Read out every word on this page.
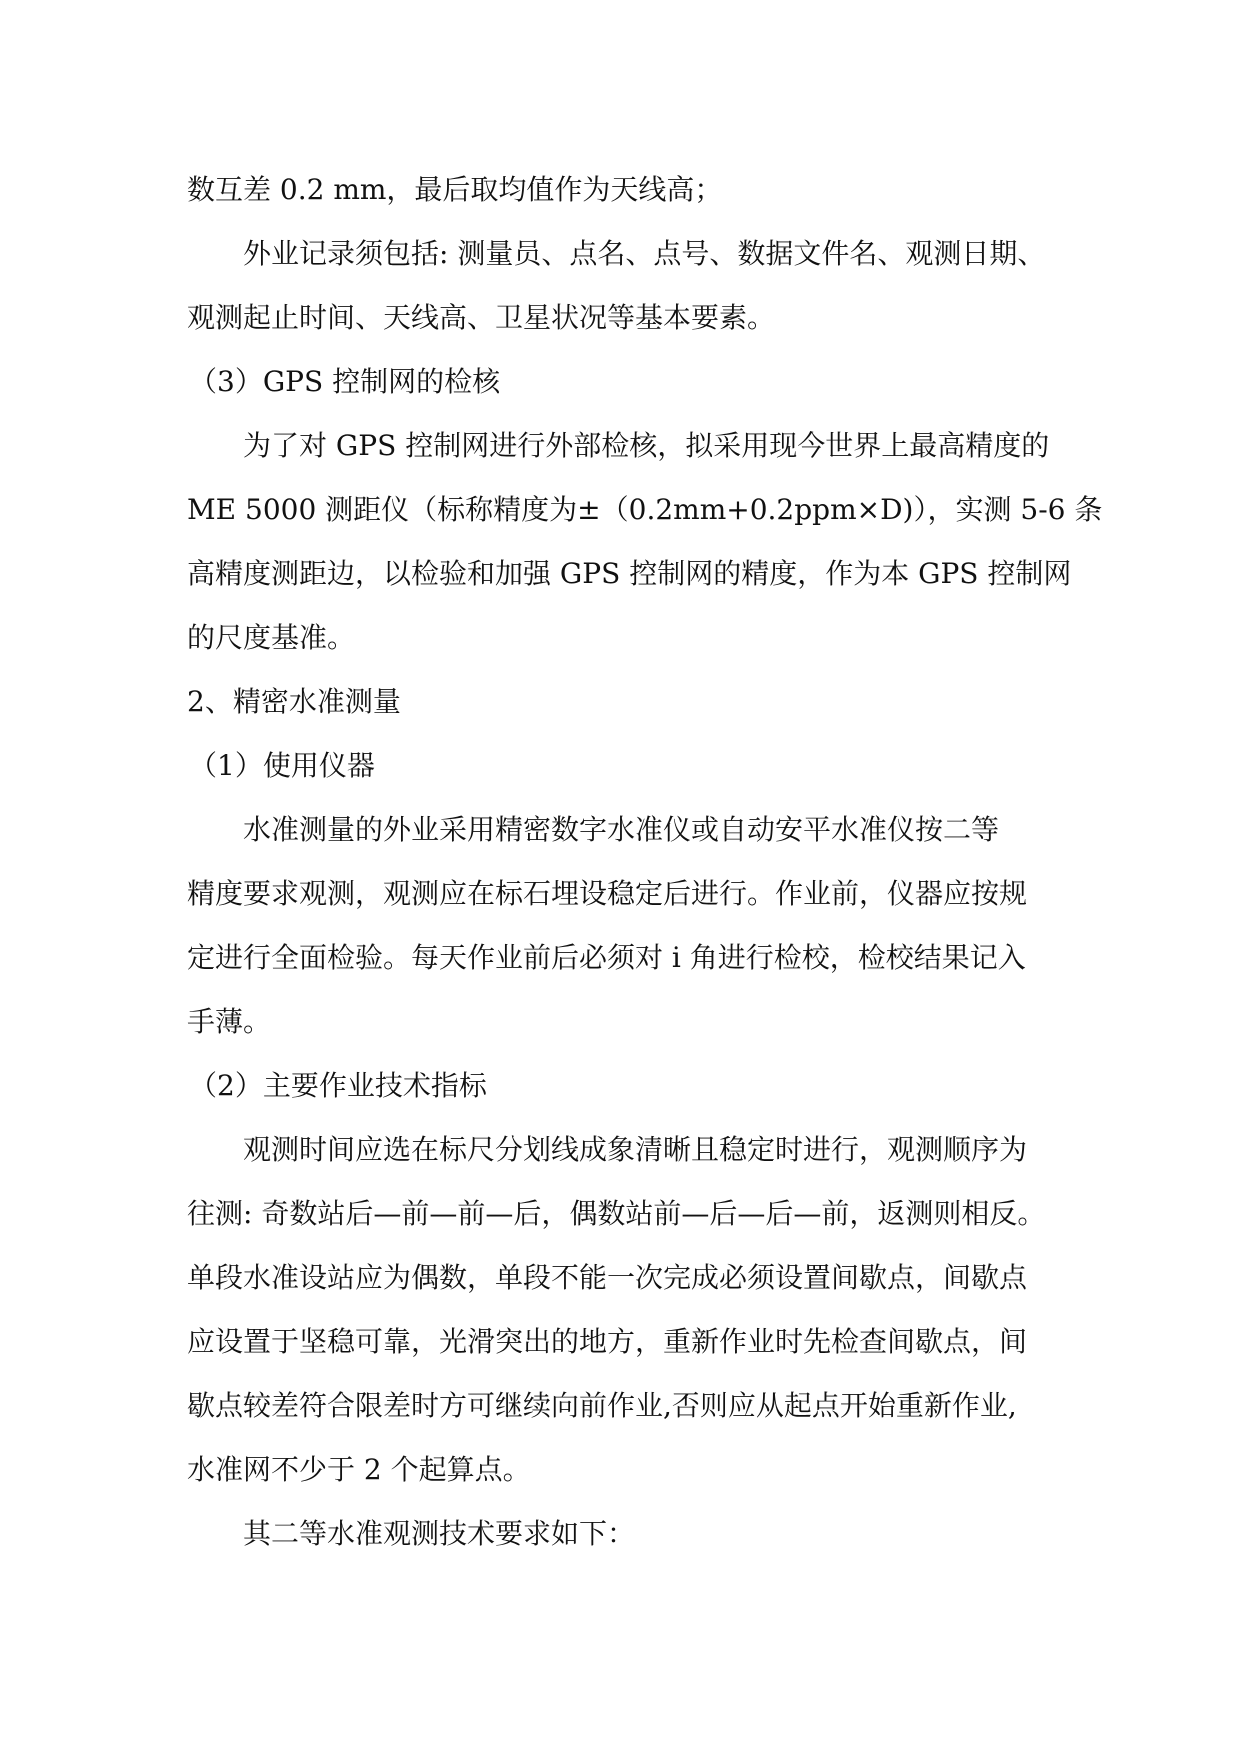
数互差 0.2 mm，最后取均值作为天线高；

外业记录须包括: 测量员、点名、点号、数据文件名、观测日期、

观测起止时间、天线高、卫星状况等基本要素。

（3）GPS 控制网的检核

为了对 GPS 控制网进行外部检核，拟采用现今世界上最高精度的

ME 5000 测距仪（标称精度为±（0.2mm+0.2ppm×D)），实测 5-6 条

高精度测距边，以检验和加强 GPS 控制网的精度，作为本 GPS 控制网

的尺度基准。

2、精密水准测量

（1）使用仪器

水准测量的外业采用精密数字水准仪或自动安平水准仪按二等

精度要求观测，观测应在标石埋设稳定后进行。作业前，仪器应按规

定进行全面检验。每天作业前后必须对 i 角进行检校，检校结果记入

手薄。

（2）主要作业技术指标

观测时间应选在标尺分划线成象清晰且稳定时进行，观测顺序为

往测: 奇数站后—前—前—后，偶数站前—后—后—前，返测则相反。

单段水准设站应为偶数，单段不能一次完成必须设置间歇点，间歇点

应设置于坚稳可靠，光滑突出的地方，重新作业时先检查间歇点，间

歇点较差符合限差时方可继续向前作业,否则应从起点开始重新作业,

水准网不少于 2 个起算点。

其二等水准观测技术要求如下：
